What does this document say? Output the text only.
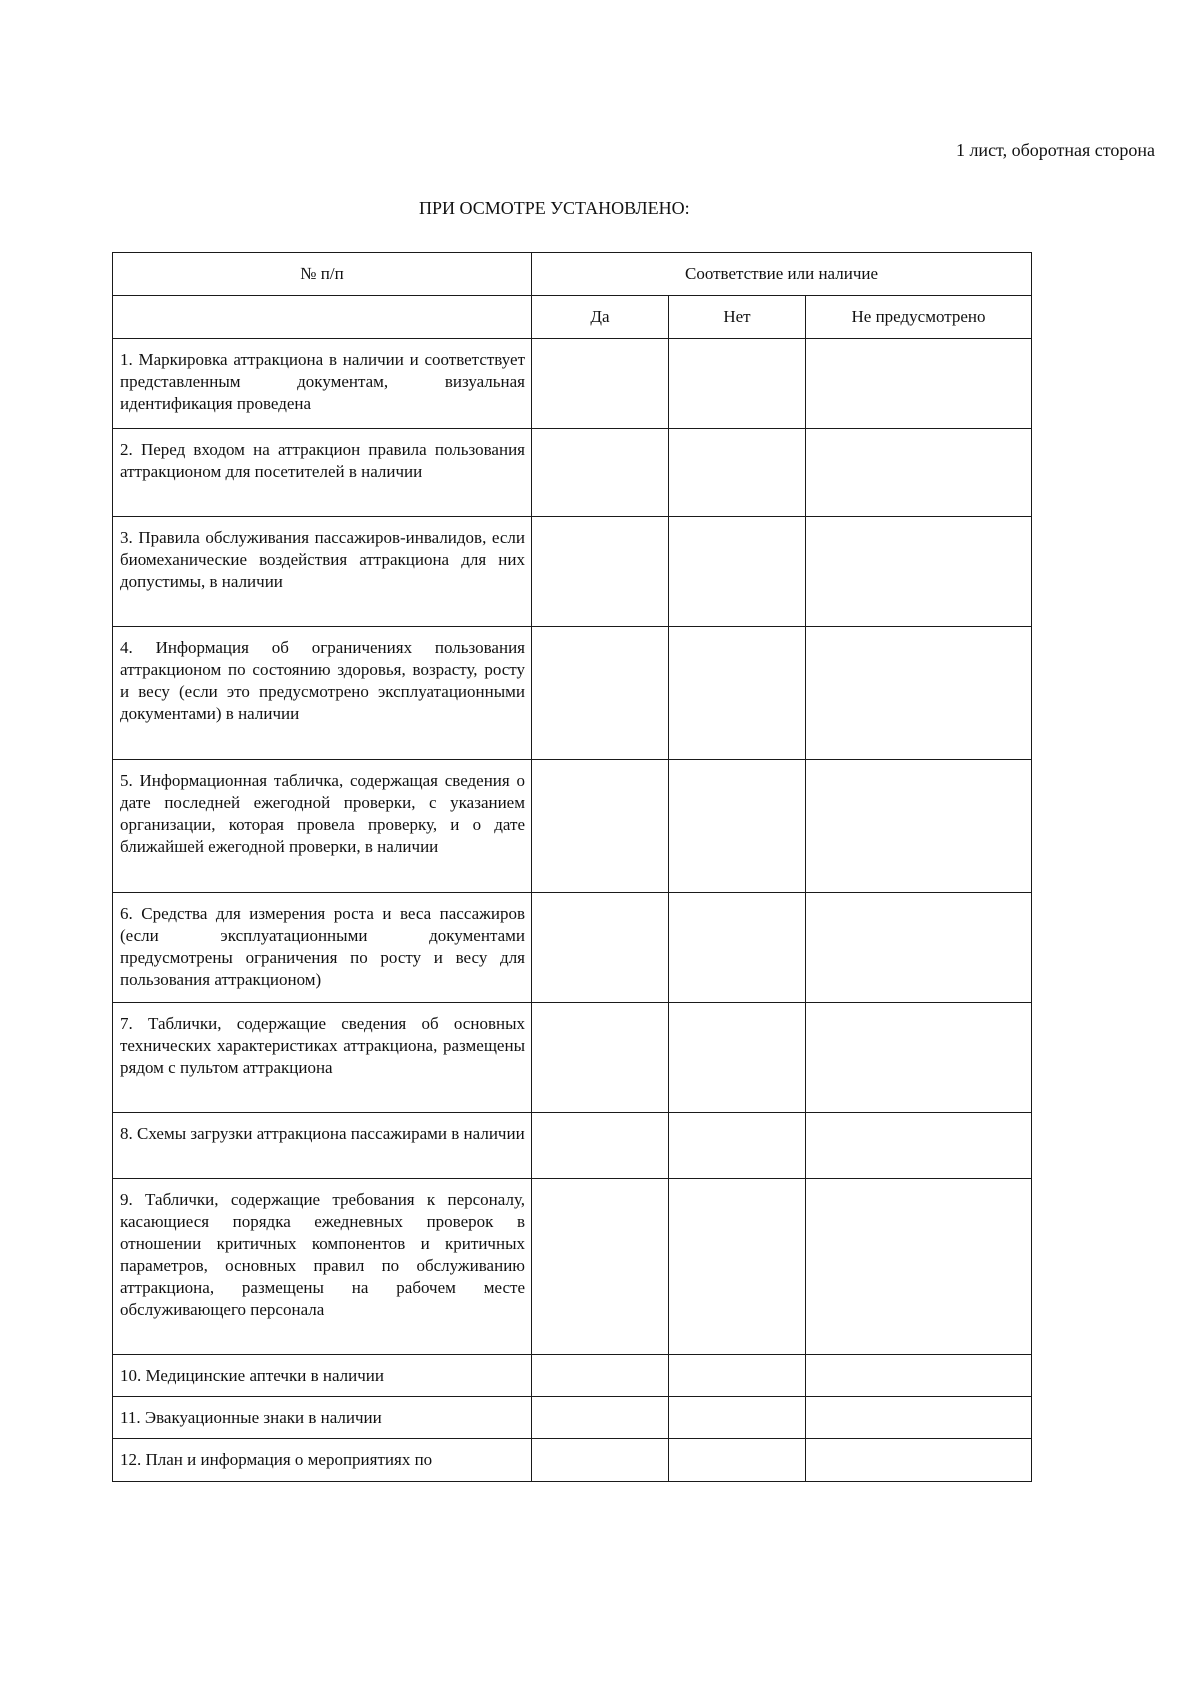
1 лист, оборотная сторона
ПРИ ОСМОТРЕ УСТАНОВЛЕНО:
№ п/п	Соответствие или наличие		
	Да	Нет	Не предусмотрено
1. Маркировка аттракциона в наличии и соответствует представленным документам, визуальная идентификация проведена			
2. Перед входом на аттракцион правила пользования аттракционом для посетителей в наличии			
3. Правила обслуживания пассажиров-инвалидов, если биомеханические воздействия аттракциона для них допустимы, в наличии			
4. Информация об ограничениях пользования аттракционом по состоянию здоровья, возрасту, росту и весу (если это предусмотрено эксплуатационными документами) в наличии			
5. Информационная табличка, содержащая сведения о дате последней ежегодной проверки, с указанием организации, которая провела проверку, и о дате ближайшей ежегодной проверки, в наличии			
6. Средства для измерения роста и веса пассажиров (если эксплуатационными документами предусмотрены ограничения по росту и весу для пользования аттракционом)			
7. Таблички, содержащие сведения об основных технических характеристиках аттракциона, размещены рядом с пультом аттракциона			
8. Схемы загрузки аттракциона пассажирами в наличии			
9. Таблички, содержащие требования к персоналу, касающиеся порядка ежедневных проверок в отношении критичных компонентов и критичных параметров, основных правил по обслуживанию аттракциона, размещены на рабочем месте обслуживающего персонала			
10. Медицинские аптечки в наличии			
11. Эвакуационные знаки в наличии			
12. План и информация о мероприятиях по			
